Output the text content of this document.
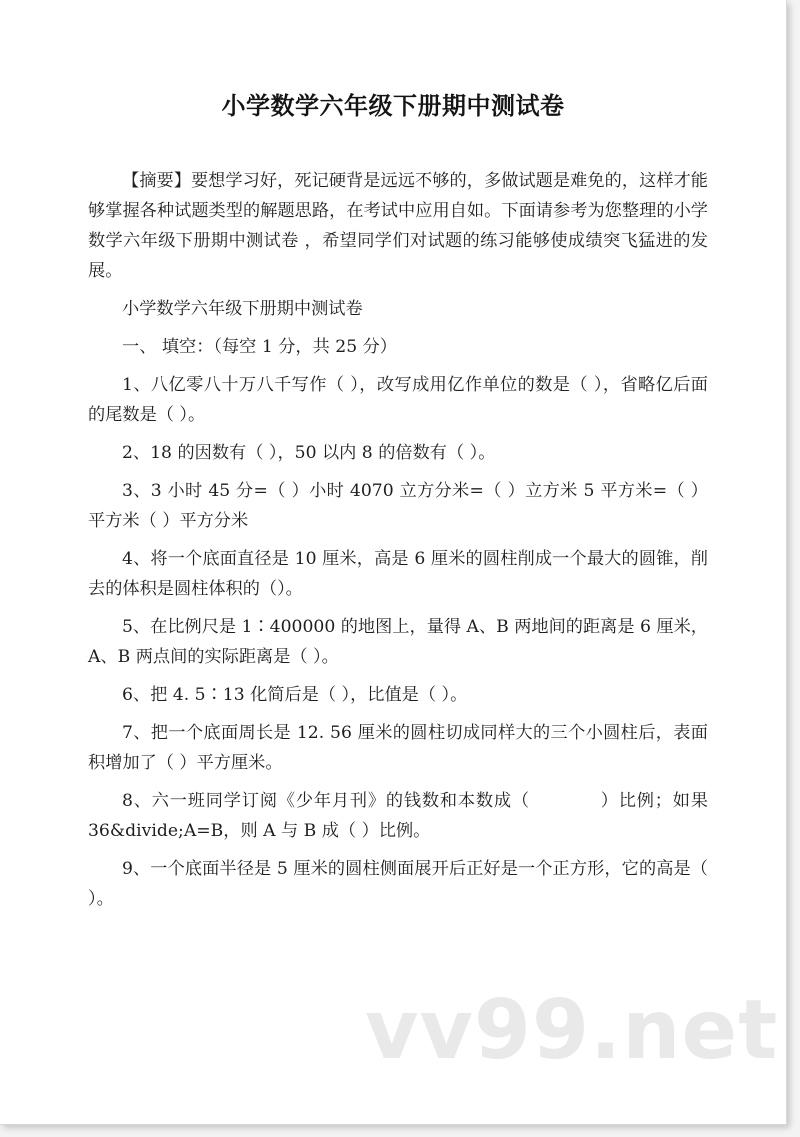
小学数学六年级下册期中测试卷

【摘要】要想学习好，死记硬背是远远不够的，多做试题是难免的，这样才能够掌握各种试题类型的解题思路，在考试中应用自如。下面请参考为您整理的小学数学六年级下册期中测试卷 ，希望同学们对试题的练习能够使成绩突飞猛进的发展。

小学数学六年级下册期中测试卷

一、 填空：（每空 1 分，共 25 分）

1、八亿零八十万八千写作（ ），改写成用亿作单位的数是（ ），省略亿后面的尾数是（ ）。

2、18 的因数有（ ），50 以内 8 的倍数有（ ）。

3、3 小时 45 分=（ ）小时 4070 立方分米=（ ）立方米 5 平方米=（ ）平方米（ ）平方分米

4、将一个底面直径是 10 厘米，高是 6 厘米的圆柱削成一个最大的圆锥，削去的体积是圆柱体积的（）。

5、在比例尺是 1∶400000 的地图上，量得 A、B 两地间的距离是 6 厘米，A、B 两点间的实际距离是（ ）。

6、把 4. 5∶13 化简后是（ ），比值是（ ）。

7、把一个底面周长是 12. 56 厘米的圆柱切成同样大的三个小圆柱后，表面积增加了（ ）平方厘米。

8、六一班同学订阅《少年月刊》的钱数和本数成（	）比例；如果 36&divide;A=B，则 A 与 B 成（ ）比例。

9、一个底面半径是 5 厘米的圆柱侧面展开后正好是一个正方形，它的高是（ ）。

vv99.net
